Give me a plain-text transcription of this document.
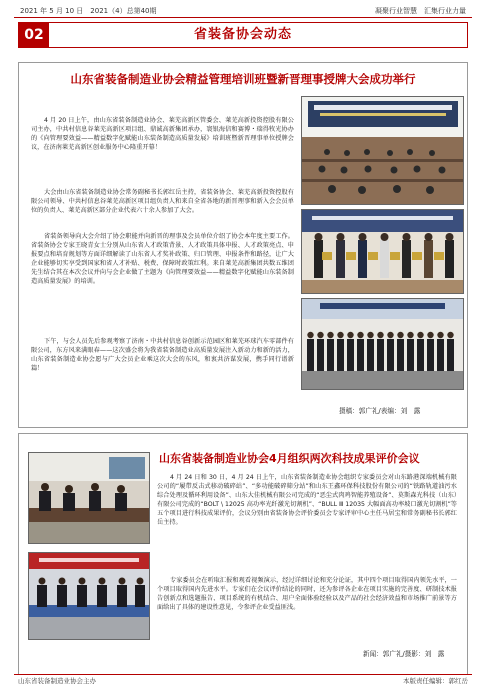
2021 年 5 月 10 日　2021（4）总第40期	凝聚行业智慧　汇集行业力量
省装备协会动态
02
山东省装备制造业协会精益管理培训班暨新晋理事授牌大会成功举行

4 月 20 日上午，由山东省装备制造业协会、莱芜高新区管委会、莱芜高新投资控股有限公司主办，中共村信息谷莱芜高新区项目组、鼎诚高新集团承办，寰银海信和赛博・瑞得牧光协办的《向管理要效益——精益数字化赋能山东装备制造高质量发展》培训班暨新晋理事单位授牌会议，在济南莱芜高新区创业服务中心隆重开幕！

大会由山东省装备制造业协会常务副秘书长郭红岳主持，省装备协会、莱芜高新投资控股有限公司领导、中共村信息谷莱芜高新区项目组负责人和来自全省各地的新晋理事和新入会会员单位的负责人、莱芜高新区部分企业代表六十余人参加了大会。

省装备领导向大会介绍了协会职能并向新晋的理事及会员单位介绍了协会本年度主要工作。省装备协会专家王晓青女士分别从山东省人才政策背景、人才政策具体申报、人才政策亮点、申报要点和培育规划等方面详细解读了山东省人才奖补政策、归口管理、申报条件和路径，让广大企业能够切实享受到国家和省人才补贴、税费、保障时政策红利。来自莱芜高新集团共数五维团先生结合其在本次会议并向与会企业做了主题为《向管理要效益——精益数字化赋能山东装备制造高质量发展》的培训。

下午，与会人员先后参观考察了济南・中共村信息谷创新示范园区和莱芜环球汽车零部件有限公司，东方风来满眼春——这次盛会将为我省装备制造业高质量发展注入新动力和新的活力，山东省装备制造业协会愿与广大会员企业乘这次大会的东风，和衷共济谋发展，携手同行谱新篇！

摄稿：郭广礼/表编：刘　露
山东省装备制造业协会4月组织两次科技成果评价会议

4 月 24 日和 30 日，4 月 24 日上午，山东省装备制造业协会组织专家委员会对山东路港深端机械有限公司的“履带反击式移动破碎站”、“多功能破碎筛分站”和山东王鑫环保科技股份有限公司的“铁路轨道油污水综合处理及循环利用设备”、山东大佳机械有限公司完成的“恶尘式肉鸡智能养殖设备”、莫斯森光科技（山东）有限公司完成的“BOLT \ 12025 高功率光纤激光切割机”、“BULL Ⅲ 12035 大幅面高功率坡口激光切割机”等五个项目进行科技成果评价，会议分别由省装备协会评价委员会专家评审中心主任马居宝和常务副秘书长郭红岳主持。

专家委员会在听取汇报和观看视频演示，经过详细讨论和充分论证，其中四个项目取得国内领先水平，一个项目取得国内先进水平。专家们在会议评价结论的同时，还为参评各企业在项目实施的完善度、研制技术报告创新点和选题报告、项目系统的有机结合、用户全面体验经验以及产品的社会经济效益和市场推广前景等方面给出了具体的建设性意见，令参评企业受益匪浅。

新闻：郭广礼/摄影：刘　露
山东省装备制造业协会主办	本版责任编辑：郭红岳
